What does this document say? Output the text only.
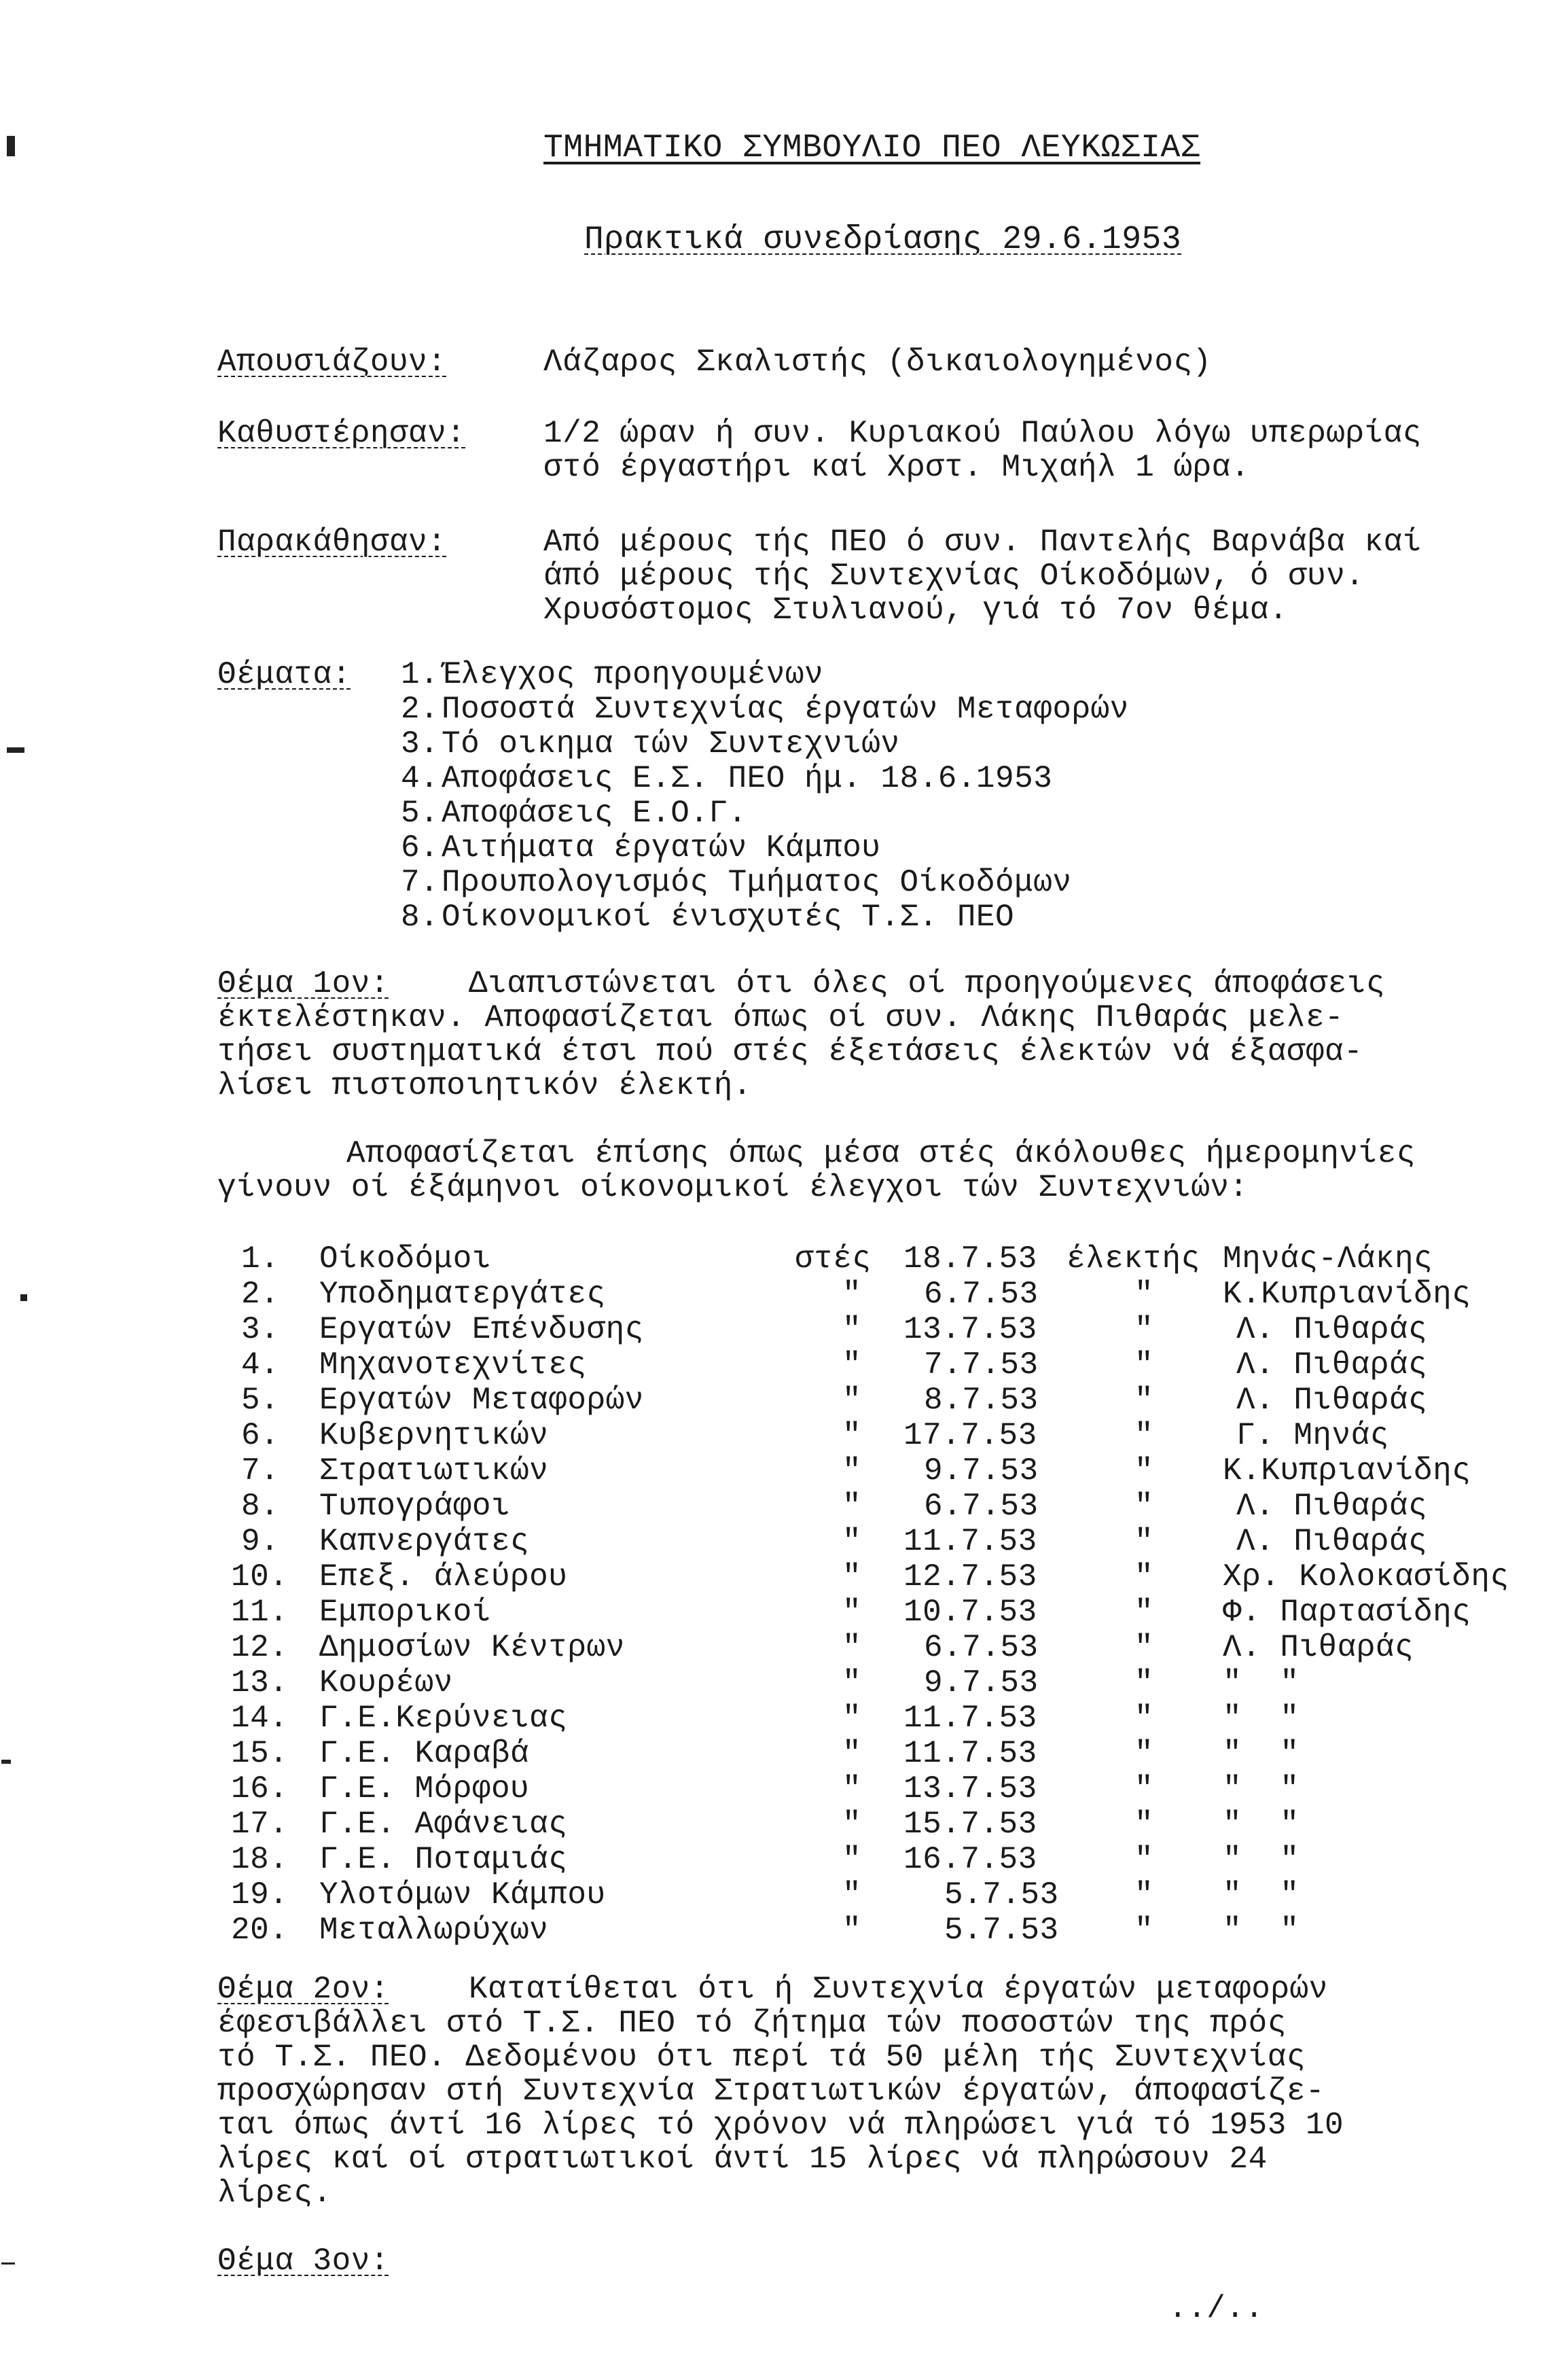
ΤΜΗΜΑΤΙΚΟ ΣΥΜΒΟΥΛΙΟ ΠΕΟ ΛΕΥΚΩΣΙΑΣ
Πρακτικά συνεδρίασης 29.6.1953
Απουσιάζουν:	Λάζαρος Σκαλιστής (δικαιολογημένος)
Καθυστέρησαν: 1/2 ώραν ή συν. Κυριακού Παύλου λόγω υπερωρίας
στό έργαστήρι καί Χρστ. Μιχαήλ 1 ώρα.
Παρακάθησαν:	Από μέρους τής ΠΕΟ ό συν. Παντελής Βαρνάβα καί
άπό μέρους τής Συντεχνίας Οίκοδόμων, ό συν.
Χρυσόστομος Στυλιανού, γιά τό 7ον θέμα.
Θέματα: 1. Έλεγχος προηγουμένων
2. Ποσοστά Συντεχνίας έργατών Μεταφορών
3. Τό οικημα τών Συντεχνιών
4. Αποφάσεις Ε.Σ. ΠΕΟ ήμ. 18.6.1953
5. Αποφάσεις Ε.Ο.Γ.
6. Αιτήματα έργατών Κάμπου
7. Προυπολογισμός Τμήματος Οίκοδόμων
8. Οίκονομικοί ένισχυτές Τ.Σ. ΠΕΟ
Θέμα 1ον:	Διαπιστώνεται ότι όλες οί προηγούμενες άποφάσεις
έκτελέστηκαν. Αποφασίζεται όπως οί συν. Λάκης Πιθαράς μελε-
τήσει συστηματικά έτσι πού στές έξετάσεις έλεκτών νά έξασφα-
λίσει πιστοποιητικόν έλεκτή.
Αποφασίζεται έπίσης όπως μέσα στές άκόλουθες ήμερομηνίες
γίνουν οί έξάμηνοι οίκονομικοί έλεγχοι τών Συντεχνιών:
1. Οίκοδόμοι	στές 18.7.53 έλεκτής Μηνάς-Λάκης
2. Υποδηματεργάτες	" 6.7.53	" Κ.Κυπριανίδης
3. Εργατών Επένδυσης	" 13.7.53	"	Λ. Πιθαράς
4. Μηχανοτεχνίτες	" 7.7.53	"	Λ. Πιθαράς
5. Εργατών Μεταφορών	" 8.7.53	"	Λ. Πιθαράς
6. Κυβερνητικών	" 17.7.53	"	Γ. Μηνάς
7. Στρατιωτικών	" 9.7.53	" Κ.Κυπριανίδης
8. Τυπογράφοι	" 6.7.53	"	Λ. Πιθαράς
9. Καπνεργάτες	" 11.7.53	"	Λ. Πιθαράς
10. Επεξ. άλεύρου	" 12.7.53	" Χρ. Κολοκασίδης
11. Εμπορικοί	" 10.7.53	" Φ. Παρτασίδης
12. Δημοσίων Κέντρων	" 6.7.53	" Λ. Πιθαράς
13. Κουρέων	" 9.7.53	" "  "
14. Γ.Ε.Κερύνειας	" 11.7.53	" "  "
15. Γ.Ε. Καραβά	" 11.7.53	" "  "
16. Γ.Ε. Μόρφου	" 13.7.53	" "  "
17. Γ.Ε. Αφάνειας	" 15.7.53	" "  "
18. Γ.Ε. Ποταμιάς	" 16.7.53	" "  "
19. Υλοτόμων Κάμπου	"	5.7.53 " "  "
20. Μεταλλωρύχων	"	5.7.53 " "  "
Θέμα 2ον:	Κατατίθεται ότι ή Συντεχνία έργατών μεταφορών
έφεσιβάλλει στό Τ.Σ. ΠΕΟ τό ζήτημα τών ποσοστών της πρός
τό Τ.Σ. ΠΕΟ. Δεδομένου ότι περί τά 50 μέλη τής Συντεχνίας
προσχώρησαν στή Συντεχνία Στρατιωτικών έργατών, άποφασίζε-
ται όπως άντί 16 λίρες τό χρόνον νά πληρώσει γιά τό 1953 10
λίρες καί οί στρατιωτικοί άντί 15 λίρες νά πληρώσουν 24
λίρες.
Θέμα 3ον:
../..
